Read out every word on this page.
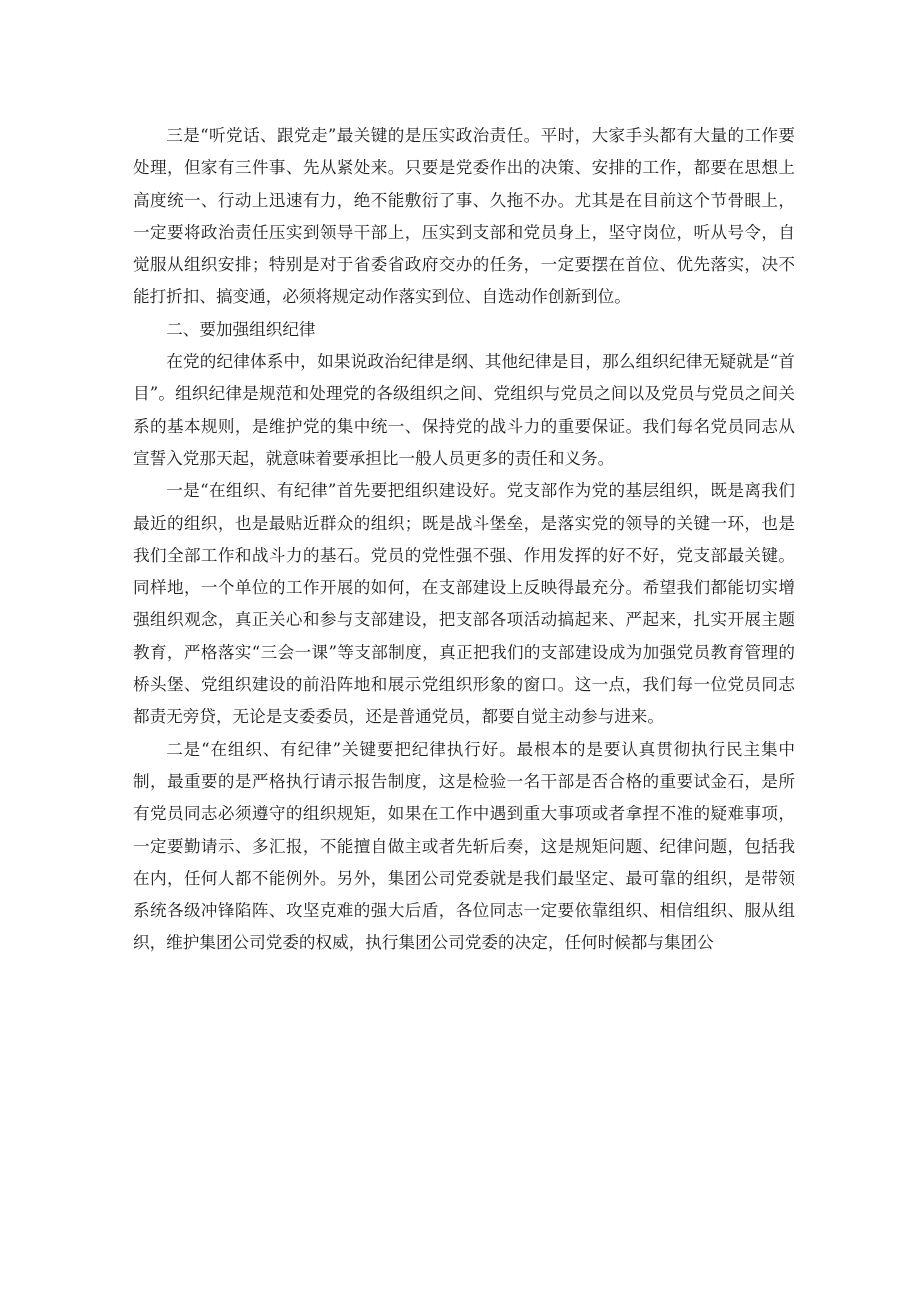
三是“听党话、跟党走”最关键的是压实政治责任。平时，大家手头都有大量的工作要处理，但家有三件事、先从紧处来。只要是党委作出的决策、安排的工作，都要在思想上高度统一、行动上迅速有力，绝不能敷衍了事、久拖不办。尤其是在目前这个节骨眼上，一定要将政治责任压实到领导干部上，压实到支部和党员身上，坚守岗位，听从号令，自觉服从组织安排；特别是对于省委省政府交办的任务，一定要摆在首位、优先落实，决不能打折扣、搞变通，必须将规定动作落实到位、自选动作创新到位。

二、要加强组织纪律

在党的纪律体系中，如果说政治纪律是纲、其他纪律是目，那么组织纪律无疑就是“首目”。组织纪律是规范和处理党的各级组织之间、党组织与党员之间以及党员与党员之间关系的基本规则，是维护党的集中统一、保持党的战斗力的重要保证。我们每名党员同志从宣誓入党那天起，就意味着要承担比一般人员更多的责任和义务。

一是“在组织、有纪律”首先要把组织建设好。党支部作为党的基层组织，既是离我们最近的组织，也是最贴近群众的组织；既是战斗堡垒，是落实党的领导的关键一环，也是我们全部工作和战斗力的基石。党员的党性强不强、作用发挥的好不好，党支部最关键。同样地，一个单位的工作开展的如何，在支部建设上反映得最充分。希望我们都能切实增强组织观念，真正关心和参与支部建设，把支部各项活动搞起来、严起来，扎实开展主题教育，严格落实“三会一课”等支部制度，真正把我们的支部建设成为加强党员教育管理的桥头堡、党组织建设的前沿阵地和展示党组织形象的窗口。这一点，我们每一位党员同志都责无旁贷，无论是支委委员，还是普通党员，都要自觉主动参与进来。

二是“在组织、有纪律”关键要把纪律执行好。最根本的是要认真贯彻执行民主集中制，最重要的是严格执行请示报告制度，这是检验一名干部是否合格的重要试金石，是所有党员同志必须遵守的组织规矩，如果在工作中遇到重大事项或者拿捏不准的疑难事项，一定要勤请示、多汇报，不能擅自做主或者先斩后奏，这是规矩问题、纪律问题，包括我在内，任何人都不能例外。另外，集团公司党委就是我们最坚定、最可靠的组织，是带领系统各级冲锋陷阵、攻坚克难的强大后盾，各位同志一定要依靠组织、相信组织、服从组织，维护集团公司党委的权威，执行集团公司党委的决定，任何时候都与集团公
